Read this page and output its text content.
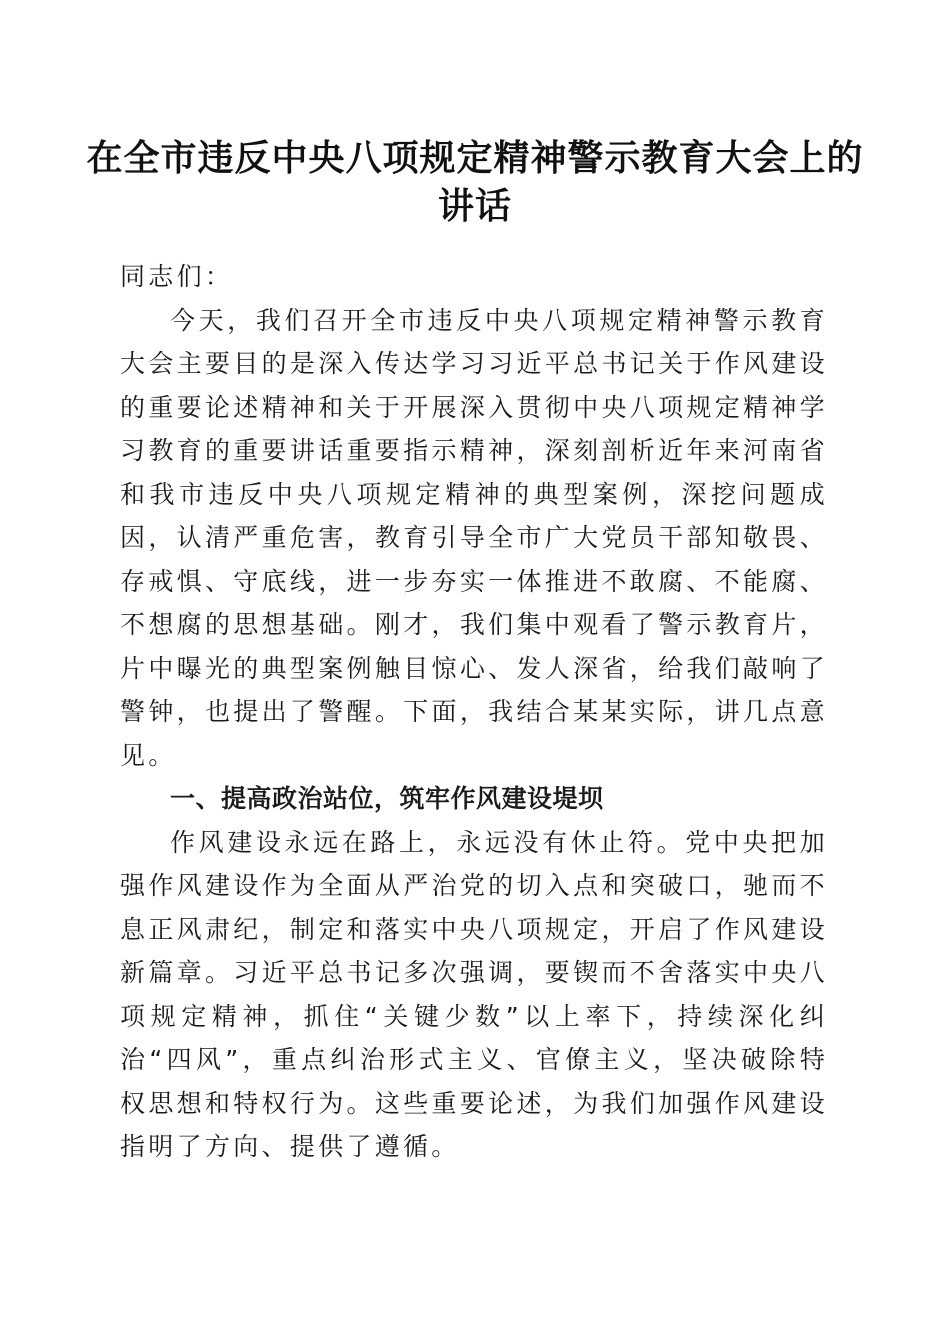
在全市违反中央八项规定精神警示教育大会上的讲话

同志们：

今天，我们召开全市违反中央八项规定精神警示教育大会主要目的是深入传达学习习近平总书记关于作风建设的重要论述精神和关于开展深入贯彻中央八项规定精神学习教育的重要讲话重要指示精神，深刻剖析近年来河南省和我市违反中央八项规定精神的典型案例，深挖问题成因，认清严重危害，教育引导全市广大党员干部知敬畏、存戒惧、守底线，进一步夯实一体推进不敢腐、不能腐、不想腐的思想基础。刚才，我们集中观看了警示教育片，片中曝光的典型案例触目惊心、发人深省，给我们敲响了警钟，也提出了警醒。下面，我结合某某实际，讲几点意见。

一、提高政治站位，筑牢作风建设堤坝

作风建设永远在路上，永远没有休止符。党中央把加强作风建设作为全面从严治党的切入点和突破口，驰而不息正风肃纪，制定和落实中央八项规定，开启了作风建设新篇章。习近平总书记多次强调，要锲而不舍落实中央八项规定精神，抓住“关键少数”以上率下，持续深化纠治“四风”，重点纠治形式主义、官僚主义，坚决破除特权思想和特权行为。这些重要论述，为我们加强作风建设指明了方向、提供了遵循。
